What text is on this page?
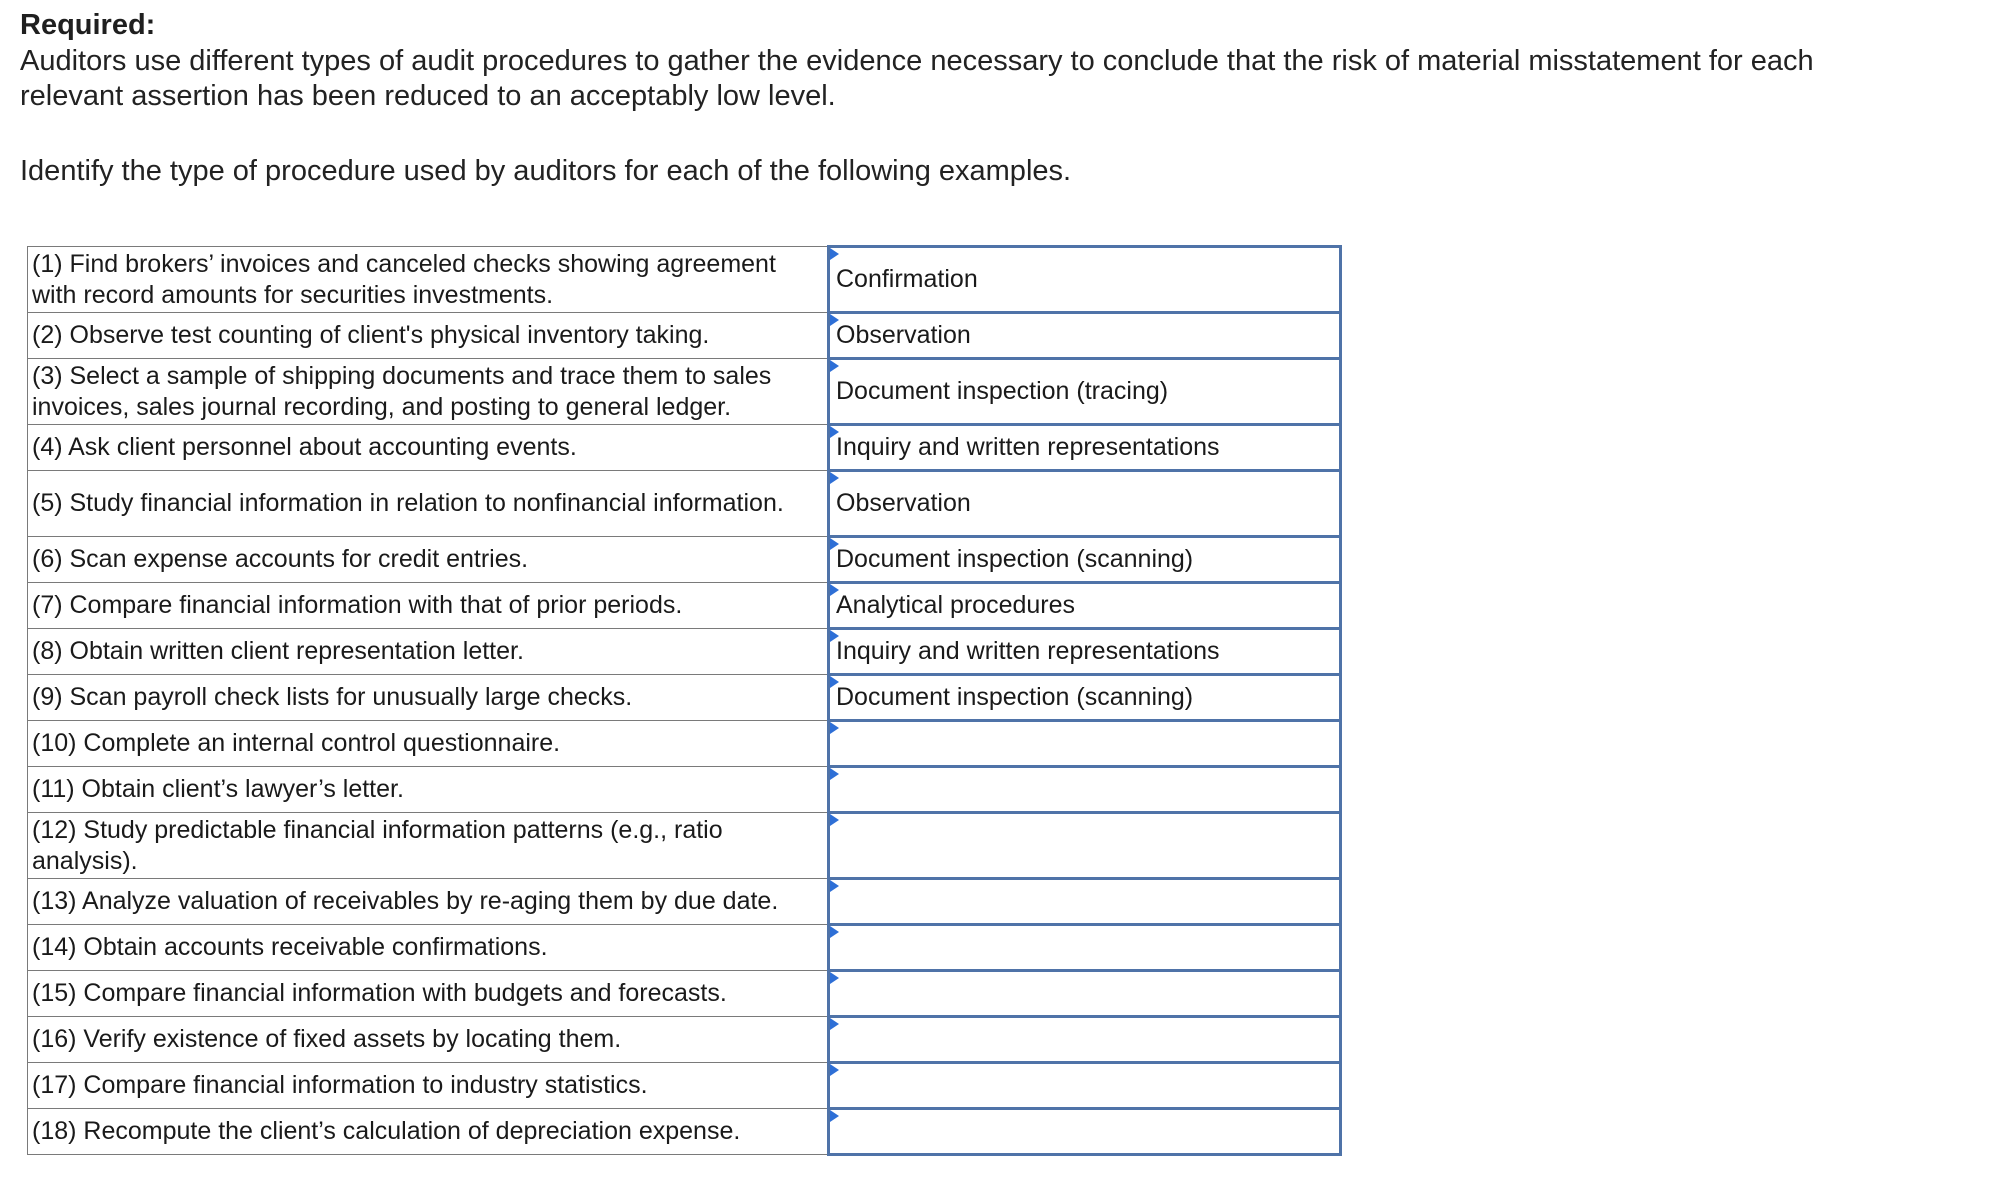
Required:

Auditors use different types of audit procedures to gather the evidence necessary to conclude that the risk of material misstatement for each relevant assertion has been reduced to an acceptably low level.

Identify the type of procedure used by auditors for each of the following examples.

(1) Find brokers’ invoices and canceled checks showing agreement with record amounts for securities investments.	Confirmation

(2) Observe test counting of client's physical inventory taking.	Observation

(3) Select a sample of shipping documents and trace them to sales invoices, sales journal recording, and posting to general ledger.	Document inspection (tracing)

(4) Ask client personnel about accounting events.	Inquiry and written representations

(5) Study financial information in relation to nonfinancial information.	Observation

(6) Scan expense accounts for credit entries.	Document inspection (scanning)

(7) Compare financial information with that of prior periods.	Analytical procedures

(8) Obtain written client representation letter.	Inquiry and written representations

(9) Scan payroll check lists for unusually large checks.	Document inspection (scanning)

(10) Complete an internal control questionnaire.	

(11) Obtain client’s lawyer’s letter.	

(12) Study predictable financial information patterns (e.g., ratio analysis).	

(13) Analyze valuation of receivables by re-aging them by due date.	

(14) Obtain accounts receivable confirmations.	

(15) Compare financial information with budgets and forecasts.	

(16) Verify existence of fixed assets by locating them.	

(17) Compare financial information to industry statistics.	

(18) Recompute the client’s calculation of depreciation expense.	
